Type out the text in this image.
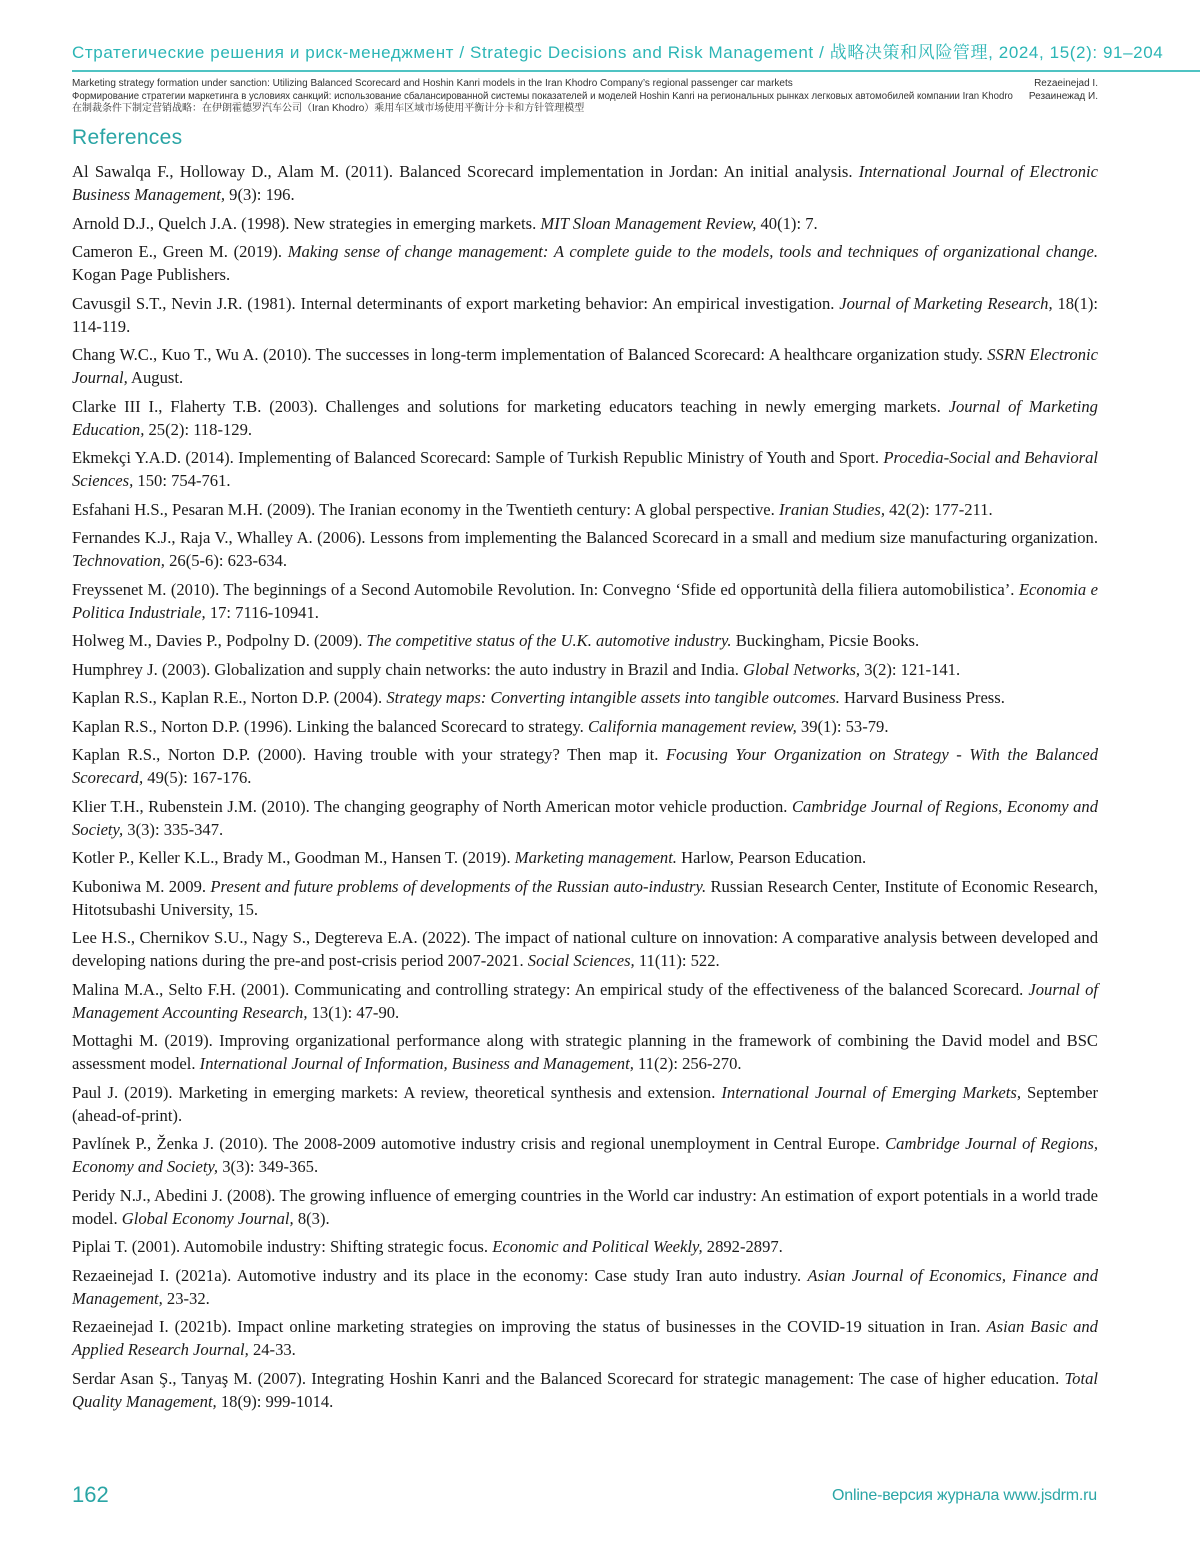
Стратегические решения и риск-менеджмент / Strategic Decisions and Risk Management / 战略决策和风险管理, 2024, 15(2): 91–204
Marketing strategy formation under sanction: Utilizing Balanced Scorecard and Hoshin Kanri models in the Iran Khodro Company’s regional passenger car markets	Rezaeinejad I.
Формирование стратегии маркетинга в условиях санкций: использование сбалансированной системы показателей и моделей Hoshin Kanri на региональных рынках легковых автомобилей компании Iran Khodro Резаинежад И.
在制裁条件下制定营销战略：在伊朗霍德罗汽车公司（Iran Khodro）乘用车区域市场使用平衡计分卡和方针管理模型
References
Al Sawalqa F., Holloway D., Alam M. (2011). Balanced Scorecard implementation in Jordan: An initial analysis. International Journal of Electronic Business Management, 9(3): 196.
Arnold D.J., Quelch J.A. (1998). New strategies in emerging markets. MIT Sloan Management Review, 40(1): 7.
Cameron E., Green M. (2019). Making sense of change management: A complete guide to the models, tools and techniques of organizational change. Kogan Page Publishers.
Cavusgil S.T., Nevin J.R. (1981). Internal determinants of export marketing behavior: An empirical investigation. Journal of Marketing Research, 18(1): 114-119.
Chang W.C., Kuo T., Wu A. (2010). The successes in long-term implementation of Balanced Scorecard: A healthcare organization study. SSRN Electronic Journal, August.
Clarke III I., Flaherty T.B. (2003). Challenges and solutions for marketing educators teaching in newly emerging markets. Journal of Marketing Education, 25(2): 118-129.
Ekmekçi Y.A.D. (2014). Implementing of Balanced Scorecard: Sample of Turkish Republic Ministry of Youth and Sport. Procedia-Social and Behavioral Sciences, 150: 754-761.
Esfahani H.S., Pesaran M.H. (2009). The Iranian economy in the Twentieth century: A global perspective. Iranian Studies, 42(2): 177-211.
Fernandes K.J., Raja V., Whalley A. (2006). Lessons from implementing the Balanced Scorecard in a small and medium size manufacturing organization. Technovation, 26(5-6): 623-634.
Freyssenet M. (2010). The beginnings of a Second Automobile Revolution. In: Convegno ‘Sfide ed opportunità della filiera automobilistica’. Economia e Politica Industriale, 17: 7116-10941.
Holweg M., Davies P., Podpolny D. (2009). The competitive status of the U.K. automotive industry. Buckingham, Picsie Books.
Humphrey J. (2003). Globalization and supply chain networks: the auto industry in Brazil and India. Global Networks, 3(2): 121-141.
Kaplan R.S., Kaplan R.E., Norton D.P. (2004). Strategy maps: Converting intangible assets into tangible outcomes. Harvard Business Press.
Kaplan R.S., Norton D.P. (1996). Linking the balanced Scorecard to strategy. California management review, 39(1): 53-79.
Kaplan R.S., Norton D.P. (2000). Having trouble with your strategy? Then map it. Focusing Your Organization on Strategy - With the Balanced Scorecard, 49(5): 167-176.
Klier T.H., Rubenstein J.M. (2010). The changing geography of North American motor vehicle production. Cambridge Journal of Regions, Economy and Society, 3(3): 335-347.
Kotler P., Keller K.L., Brady M., Goodman M., Hansen T. (2019). Marketing management. Harlow, Pearson Education.
Kuboniwa M. 2009. Present and future problems of developments of the Russian auto-industry. Russian Research Center, Institute of Economic Research, Hitotsubashi University, 15.
Lee H.S., Chernikov S.U., Nagy S., Degtereva E.A. (2022). The impact of national culture on innovation: A comparative analysis between developed and developing nations during the pre-and post-crisis period 2007-2021. Social Sciences, 11(11): 522.
Malina M.A., Selto F.H. (2001). Communicating and controlling strategy: An empirical study of the effectiveness of the balanced Scorecard. Journal of Management Accounting Research, 13(1): 47-90.
Mottaghi M. (2019). Improving organizational performance along with strategic planning in the framework of combining the David model and BSC assessment model. International Journal of Information, Business and Management, 11(2): 256-270.
Paul J. (2019). Marketing in emerging markets: A review, theoretical synthesis and extension. International Journal of Emerging Markets, September (ahead-of-print).
Pavlínek P., Ženka J. (2010). The 2008-2009 automotive industry crisis and regional unemployment in Central Europe. Cambridge Journal of Regions, Economy and Society, 3(3): 349-365.
Peridy N.J., Abedini J. (2008). The growing influence of emerging countries in the World car industry: An estimation of export potentials in a world trade model. Global Economy Journal, 8(3).
Piplai T. (2001). Automobile industry: Shifting strategic focus. Economic and Political Weekly, 2892-2897.
Rezaeinejad I. (2021a). Automotive industry and its place in the economy: Case study Iran auto industry. Asian Journal of Economics, Finance and Management, 23-32.
Rezaeinejad I. (2021b). Impact online marketing strategies on improving the status of businesses in the COVID-19 situation in Iran. Asian Basic and Applied Research Journal, 24-33.
Serdar Asan Ş., Tanyaş M. (2007). Integrating Hoshin Kanri and the Balanced Scorecard for strategic management: The case of higher education. Total Quality Management, 18(9): 999-1014.
162	Online-версия журнала www.jsdrm.ru
